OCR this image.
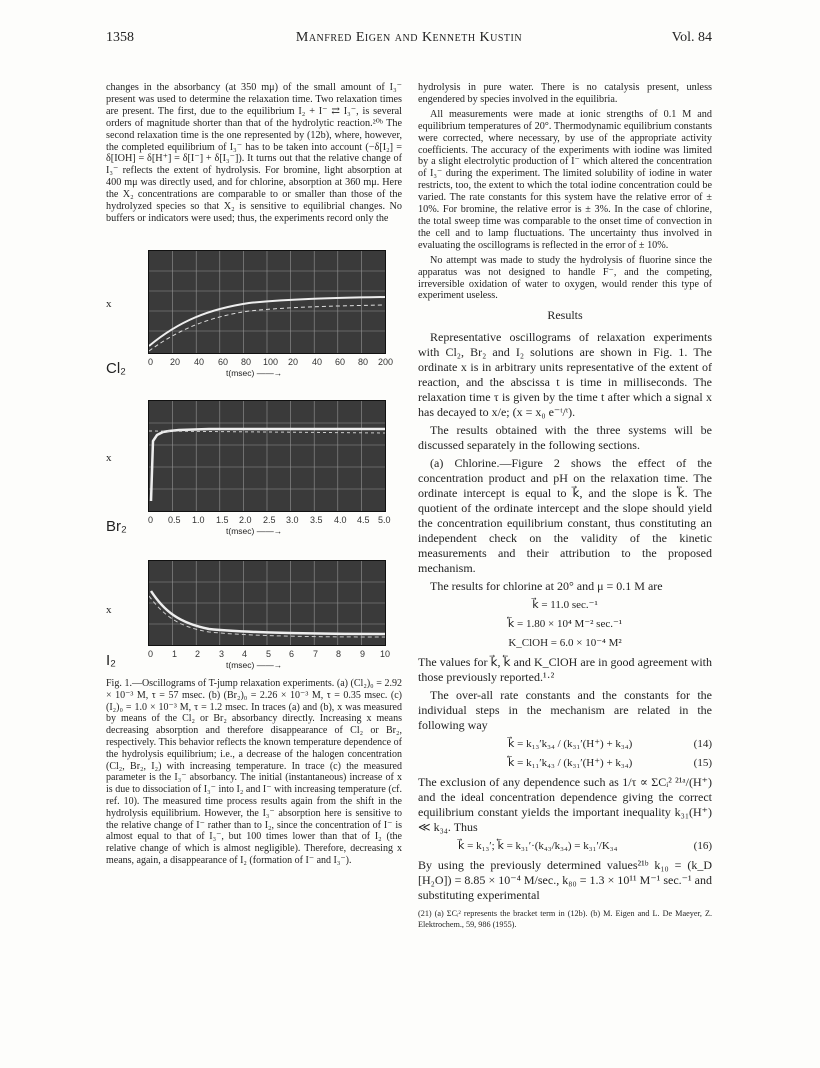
1358	Manfred Eigen and Kenneth Kustin	Vol. 84

changes in the absorbancy (at 350 mμ) of the small amount of I₃⁻ present was used to determine the relaxation time. Two relaxation times are present. The first, due to the equilibrium I₂ + I⁻ ⇄ I₃⁻, is several orders of magnitude shorter than that of the hydrolytic reaction.²⁰ᵇ The second relaxation time is the one represented by (12b), where, however, the completed equilibrium of I₃⁻ has to be taken into account (−δ[I₂] = δ[IOH] = δ[H⁺] = δ[I⁻] + δ[I₃⁻]). It turns out that the relative change of I₃⁻ reflects the extent of hydrolysis. For bromine, light absorption at 400 mμ was directly used, and for chlorine, absorption at 360 mμ. Here the X₂ concentrations are comparable to or smaller than those of the hydrolyzed species so that X₂ is sensitive to equilibrial changes. No buffers or indicators were used; thus, the experiments record only the

hydrolysis in pure water. There is no catalysis present, unless engendered by species involved in the equilibria.

All measurements were made at ionic strengths of 0.1 M and equilibrium temperatures of 20°. Thermodynamic equilibrium constants were corrected, where necessary, by use of the appropriate activity coefficients. The accuracy of the experiments with iodine was limited by a slight electrolytic production of I⁻ which altered the concentration of I₃⁻ during the experiment. The limited solubility of iodine in water restricts, too, the extent to which the total iodine concentration could be varied. The rate constants for this system have the relative error of ± 10%. For bromine, the relative error is ± 3%. In the case of chlorine, the total sweep time was comparable to the onset time of convection in the cell and to lamp fluctuations. The uncertainty thus involved in evaluating the oscillograms is reflected in the error of ± 10%.

No attempt was made to study the hydrolysis of fluorine since the apparatus was not designed to handle F⁻, and the competing, irreversible oxidation of water to oxygen, would render this type of experiment useless.

Results

Representative oscillograms of relaxation experiments with Cl₂, Br₂ and I₂ solutions are shown in Fig. 1. The ordinate x is in arbitrary units representative of the extent of reaction, and the abscissa t is time in milliseconds. The relaxation time τ is given by the time t after which a signal x has decayed to x/e; (x = x₀ e⁻ᵗ/ᵗ).

The results obtained with the three systems will be discussed separately in the following sections.

(a) Chlorine.—Figure 2 shows the effect of the concentration product and pH on the relaxation time. The ordinate intercept is equal to k⃗, and the slope is k⃖. The quotient of the ordinate intercept and the slope should yield the concentration equilibrium constant, thus constituting an independent check on the validity of the kinetic measurements and their attribution to the proposed mechanism.

The results for chlorine at 20° and μ = 0.1 M are

k⃗ = 11.0 sec.⁻¹
k⃖ = 1.80 × 10⁴ M⁻² sec.⁻¹
K_ClOH = 6.0 × 10⁻⁴ M²

The values for k⃗, k⃖ and K_ClOH are in good agreement with those previously reported.¹·²

The over-all rate constants and the constants for the individual steps in the mechanism are related in the following way

k⃗ = k₁₃′k₃₄ / (k₃₁′(H⁺) + k₃₄)	(14)
k⃖ = k₁₁′k₄₃ / (k₃₁′(H⁺) + k₃₄)	(15)

The exclusion of any dependence such as 1/τ ∝ ΣCᵢ² ²¹ᵃ/(H⁺) and the ideal concentration dependence giving the correct equilibrium constant yields the important inequality k₃₁(H⁺) ≪ k₃₄. Thus

k⃗ = k₁₃′; k⃖ = k₃₁′·(k₄₃/k₃₄) = k₃₁′/K₃₄	(16)

By using the previously determined values²¹ᵇ k₁₀ = (k_D [H₂O]) = 8.85 × 10⁻⁴ M/sec., k₈₀ = 1.3 × 10¹¹ M⁻¹ sec.⁻¹ and substituting experimental

(21) (a) ΣCᵢ² represents the bracket term in (12b). (b) M. Eigen and L. De Maeyer, Z. Elektrochem., 59, 986 (1955).
x
Cl₂ 0 20 40 60 80 100 20 40 60 80 200
t(msec) ——→
x
Br₂ 0 0.5 1.0 1.5 2.0 2.5 3.0 3.5 4.0 4.5 5.0
t(msec) ——→
x
I₂	0 1 2 3 4 5 6 7 8 9 10
t(msec) ——→
Fig. 1.—Oscillograms of T-jump relaxation experiments. (a) (Cl₂)₀ = 2.92 × 10⁻³ M, τ = 57 msec. (b) (Br₂)₀ = 2.26 × 10⁻³ M, τ = 0.35 msec. (c) (I₂)₀ = 1.0 × 10⁻³ M, τ = 1.2 msec. In traces (a) and (b), x was measured by means of the Cl₂ or Br₂ absorbancy directly. Increasing x means decreasing absorption and therefore disappearance of Cl₂ or Br₂, respectively. This behavior reflects the known temperature dependence of the hydrolysis equilibrium; i.e., a decrease of the halogen concentration (Cl₂, Br₂, I₂) with increasing temperature. In trace (c) the measured parameter is the I₃⁻ absorbancy. The initial (instantaneous) increase of x is due to dissociation of I₃⁻ into I₂ and I⁻ with increasing temperature (cf. ref. 10). The measured time process results again from the shift in the hydrolysis equilibrium. However, the I₃⁻ absorption here is sensitive to the relative change of I⁻ rather than to I₂, since the concentration of I⁻ is almost equal to that of I₃⁻, but 100 times lower than that of I₂ (the relative change of which is almost negligible). Therefore, decreasing x means, again, a disappearance of I₂ (formation of I⁻ and I₃⁻).
